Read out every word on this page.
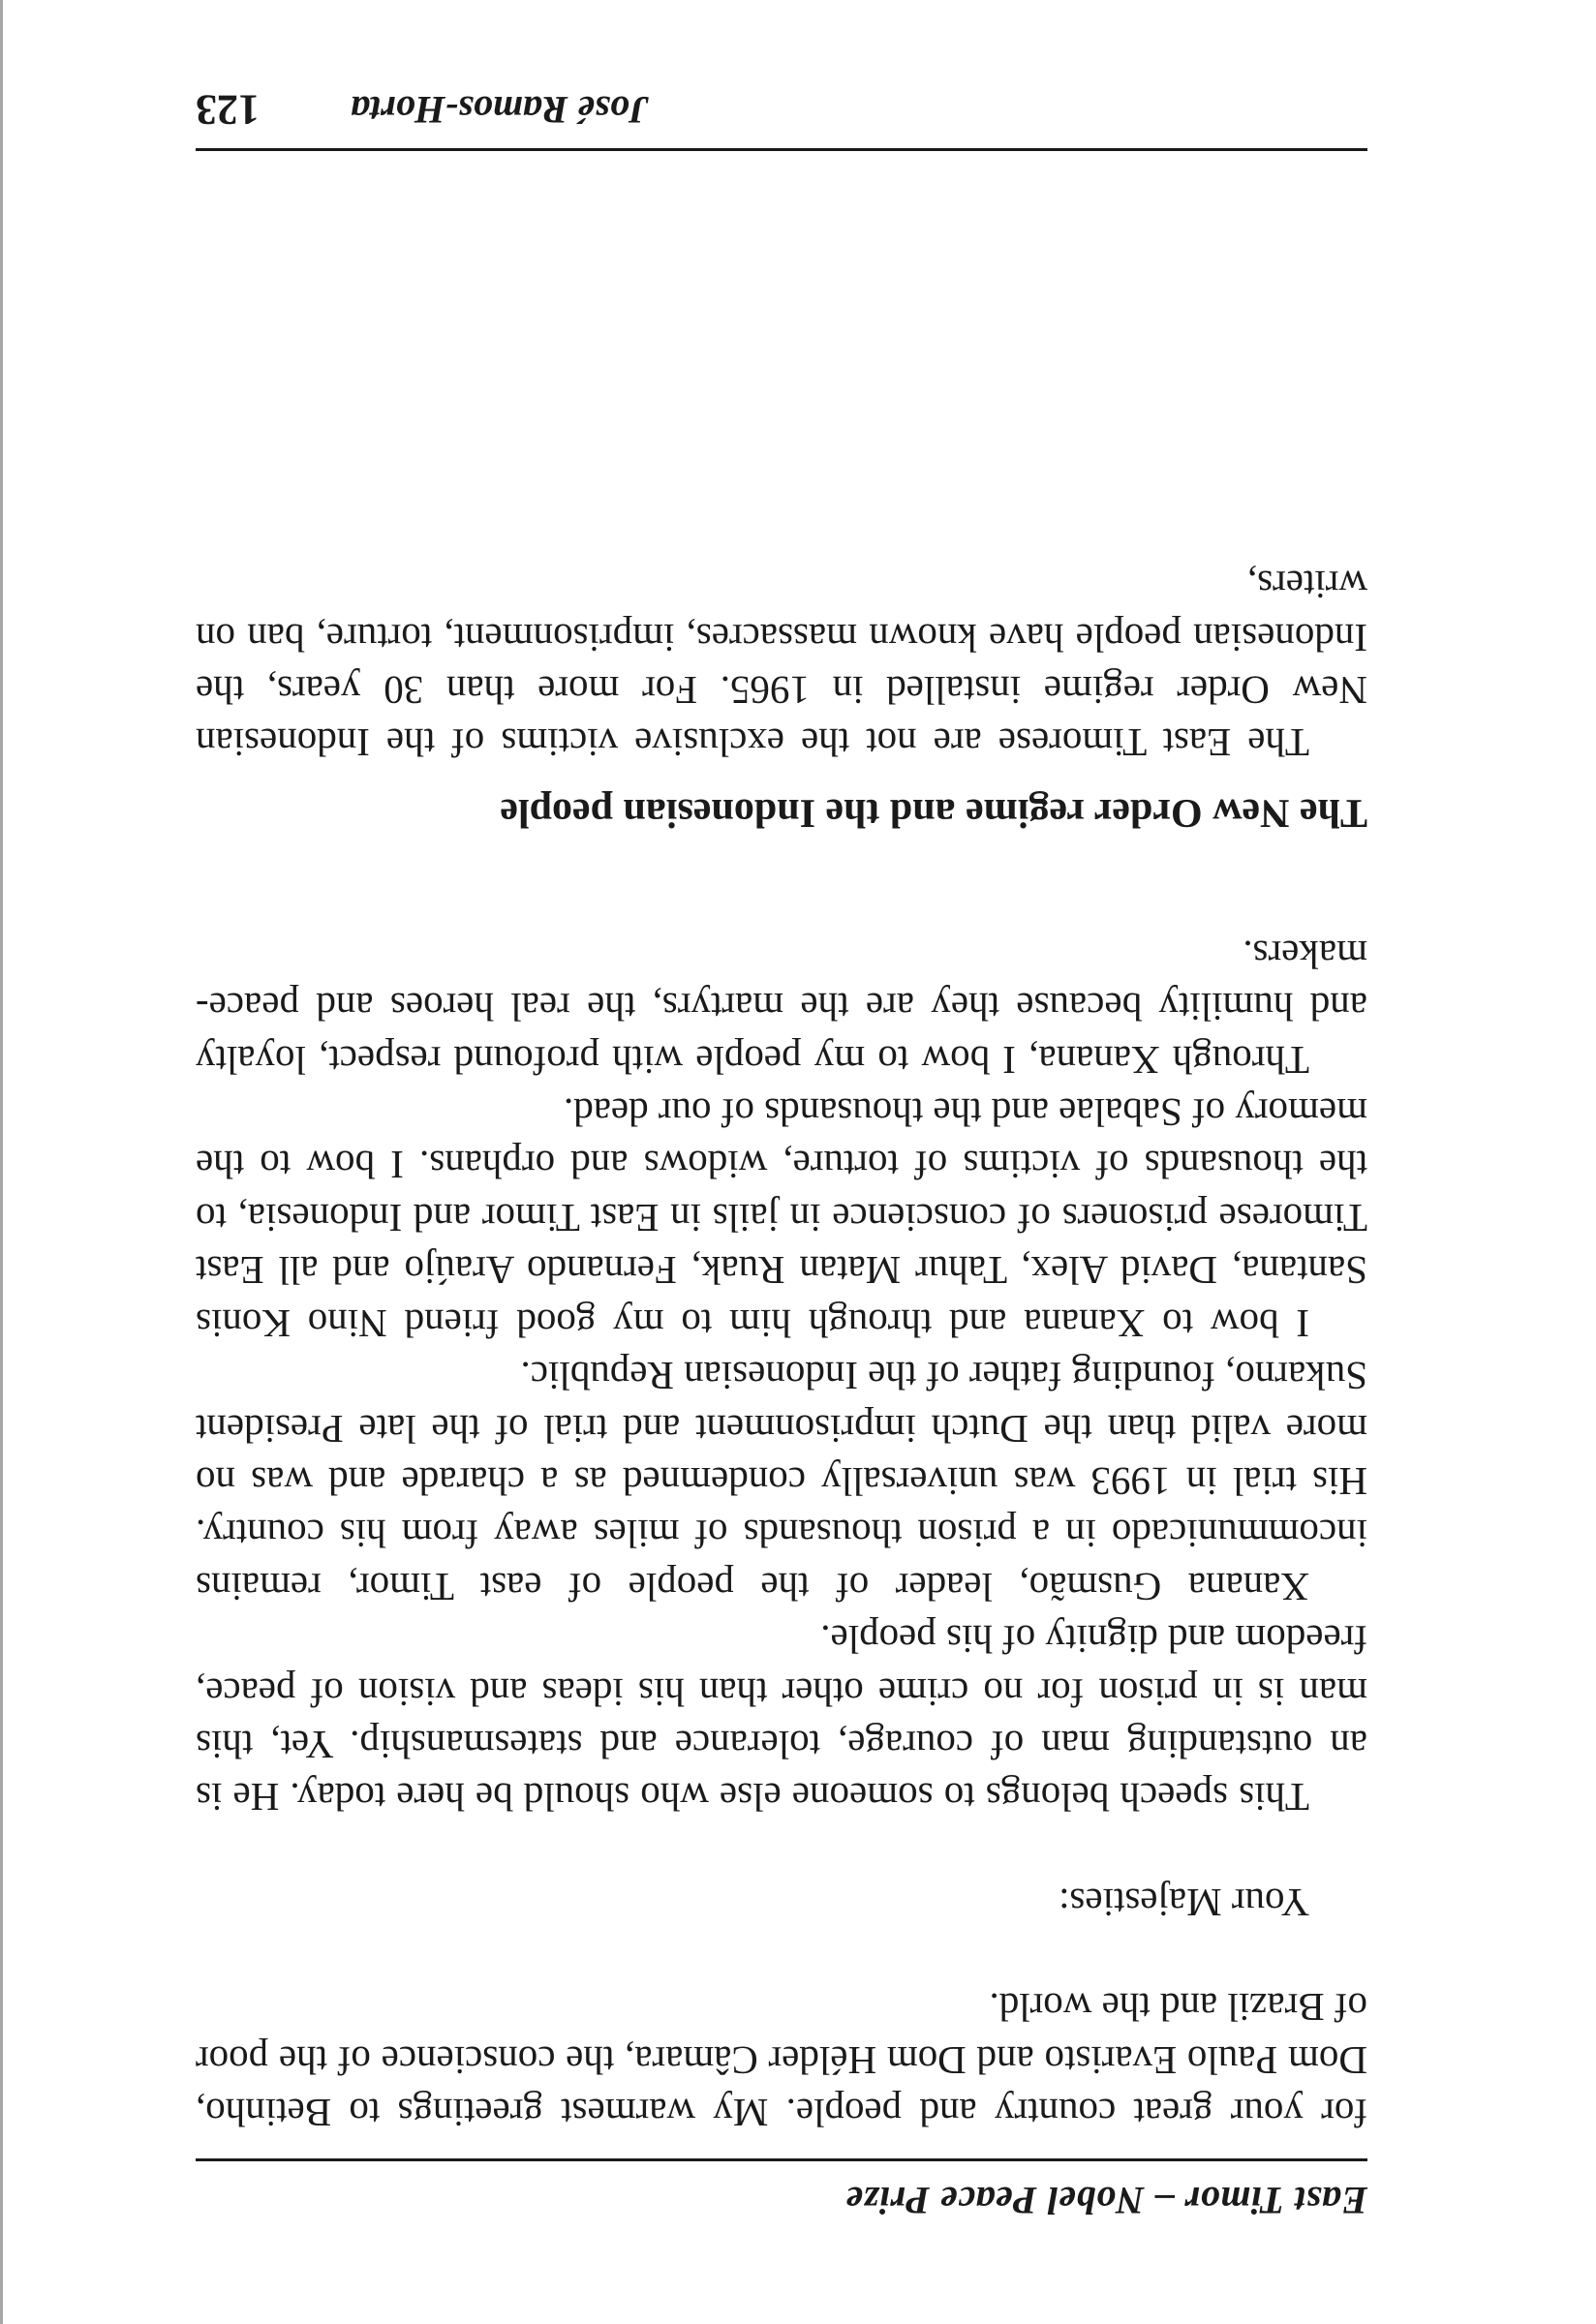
East Timor – Nobel Peace Prize

for your great country and people. My warmest greetings to Betinho, Dom Paulo Evaristo and Dom Hélder Câmara, the conscience of the poor of Brazil and the world.

Your Majesties:

This speech belongs to someone else who should be here today. He is an outstanding man of courage, tolerance and statesmanship. Yet, this man is in prison for no crime other than his ideas and vision of peace, freedom and dignity of his people.

Xanana Gusmão, leader of the people of east Timor, remains incommunicado in a prison thousands of miles away from his country. His trial in 1993 was universally condemned as a charade and was no more valid than the Dutch imprisonment and trial of the late President Sukarno, founding father of the Indonesian Republic.

I bow to Xanana and through him to my good friend Nino Konis Santana, David Alex, Tahur Matan Ruak, Fernando Araújo and all East Timorese prisoners of conscience in jails in East Timor and Indonesia, to the thousands of victims of torture, widows and orphans. I bow to the memory of Sabalae and the thousands of our dead.

Through Xanana, I bow to my people with profound respect, loyalty and humility because they are the martyrs, the real heroes and peace-makers.

The New Order regime and the Indonesian people

The East Timorese are not the exclusive victims of the Indonesian New Order regime installed in 1965. For more than 30 years, the Indonesian people have known massacres, imprisonment, torture, ban on writers,

José Ramos-Horta
123
